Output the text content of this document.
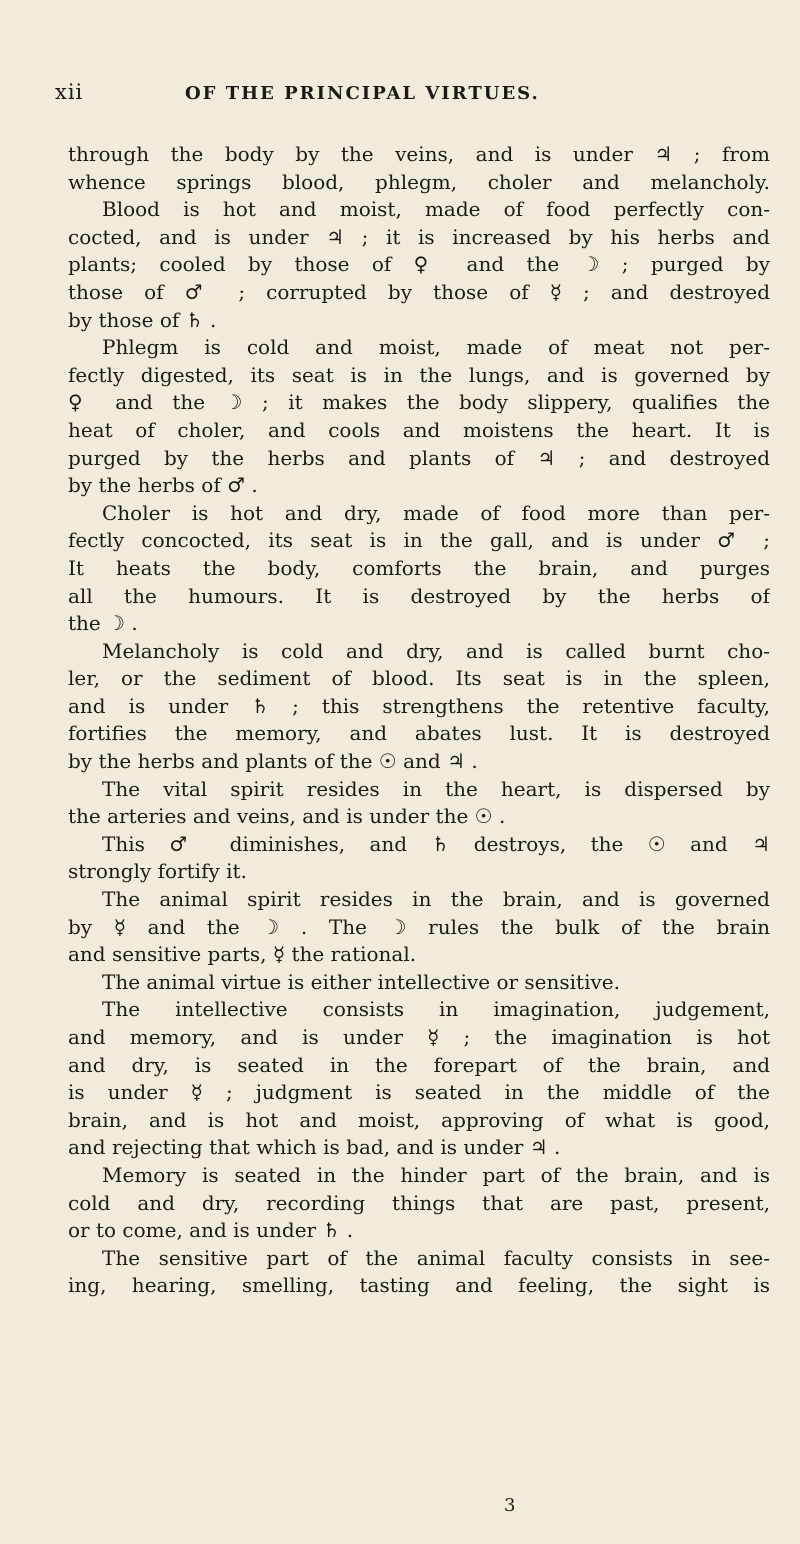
xii	OF THE PRINCIPAL VIRTUES.
through the body by the veins, and is under ♃ ; from
whence springs blood, phlegm, choler and melancholy.
Blood is hot and moist, made of food perfectly con-
cocted, and is under ♃ ; it is increased by his herbs and
plants; cooled by those of ♀ and the ☽ ; purged by
those of ♂ ; corrupted by those of ☿ ; and destroyed
by those of ♄ .
Phlegm is cold and moist, made of meat not per-
fectly digested, its seat is in the lungs, and is governed by
♀ and the ☽ ; it makes the body slippery, qualifies the
heat of choler, and cools and moistens the heart. It is
purged by the herbs and plants of ♃ ; and destroyed
by the herbs of ♂ .
Choler is hot and dry, made of food more than per-
fectly concocted, its seat is in the gall, and is under ♂ ;
It heats the body, comforts the brain, and purges
all the humours. It is destroyed by the herbs of
the ☽ .
Melancholy is cold and dry, and is called burnt cho-
ler, or the sediment of blood. Its seat is in the spleen,
and is under ♄ ; this strengthens the retentive faculty,
fortifies the memory, and abates lust. It is destroyed
by the herbs and plants of the ☉ and ♃ .
The vital spirit resides in the heart, is dispersed by
the arteries and veins, and is under the ☉ .
This ♂ diminishes, and ♄ destroys, the ☉ and ♃
strongly fortify it.
The animal spirit resides in the brain, and is governed
by ☿ and the ☽ . The ☽ rules the bulk of the brain
and sensitive parts, ☿ the rational.
The animal virtue is either intellective or sensitive.
The intellective consists in imagination, judgement,
and memory, and is under ☿ ; the imagination is hot
and dry, is seated in the forepart of the brain, and
is under ☿ ; judgment is seated in the middle of the
brain, and is hot and moist, approving of what is good,
and rejecting that which is bad, and is under ♃ .
Memory is seated in the hinder part of the brain, and is
cold and dry, recording things that are past, present,
or to come, and is under ♄ .
The sensitive part of the animal faculty consists in see-
ing, hearing, smelling, tasting and feeling, the sight is
3
